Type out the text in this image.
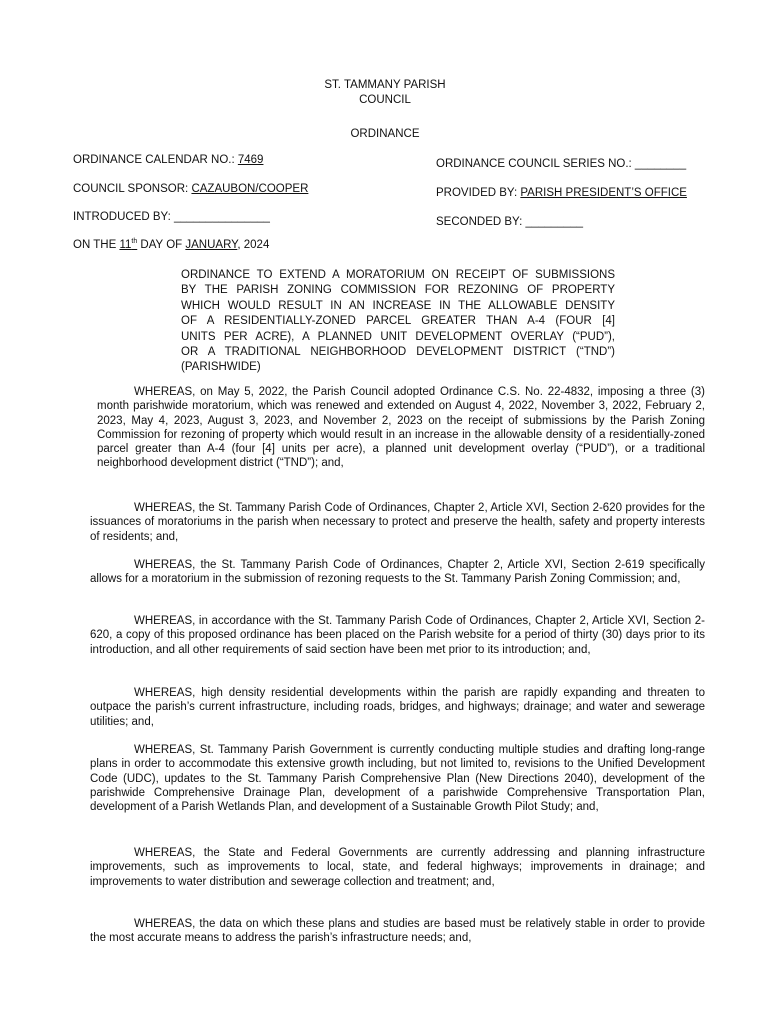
ST. TAMMANY PARISH
COUNCIL
ORDINANCE
ORDINANCE CALENDAR NO.: 7469	ORDINANCE COUNCIL SERIES NO.: ________
COUNCIL SPONSOR: CAZAUBON/COOPER	PROVIDED BY: PARISH PRESIDENT’S OFFICE
INTRODUCED BY: _______________	SECONDED BY: _________
ON THE 11th DAY OF JANUARY, 2024
ORDINANCE TO EXTEND A MORATORIUM ON RECEIPT OF SUBMISSIONS
BY THE PARISH ZONING COMMISSION FOR REZONING OF PROPERTY
WHICH WOULD RESULT IN AN INCREASE IN THE ALLOWABLE DENSITY
OF A RESIDENTIALLY-ZONED PARCEL GREATER THAN A-4 (FOUR [4]
UNITS PER ACRE), A PLANNED UNIT DEVELOPMENT OVERLAY (“PUD”),
OR A TRADITIONAL NEIGHBORHOOD DEVELOPMENT DISTRICT (“TND”)
(PARISHWIDE)
WHEREAS, on May 5, 2022, the Parish Council adopted Ordinance C.S. No. 22-4832, imposing a three (3) month parishwide moratorium, which was renewed and extended on August 4, 2022, November 3, 2022, February 2, 2023, May 4, 2023, August 3, 2023, and November 2, 2023 on the receipt of submissions by the Parish Zoning Commission for rezoning of property which would result in an increase in the allowable density of a residentially-zoned parcel greater than A-4 (four [4] units per acre), a planned unit development overlay (“PUD”), or a traditional neighborhood development district (“TND”); and,
WHEREAS, the St. Tammany Parish Code of Ordinances, Chapter 2, Article XVI, Section 2-620 provides for the issuances of moratoriums in the parish when necessary to protect and preserve the health, safety and property interests of residents; and,
WHEREAS, the St. Tammany Parish Code of Ordinances, Chapter 2, Article XVI, Section 2-619 specifically allows for a moratorium in the submission of rezoning requests to the St. Tammany Parish Zoning Commission; and,
WHEREAS, in accordance with the St. Tammany Parish Code of Ordinances, Chapter 2, Article XVI, Section 2-620, a copy of this proposed ordinance has been placed on the Parish website for a period of thirty (30) days prior to its introduction, and all other requirements of said section have been met prior to its introduction; and,
WHEREAS, high density residential developments within the parish are rapidly expanding and threaten to outpace the parish’s current infrastructure, including roads, bridges, and highways; drainage; and water and sewerage utilities; and,
WHEREAS, St. Tammany Parish Government is currently conducting multiple studies and drafting long-range plans in order to accommodate this extensive growth including, but not limited to, revisions to the Unified Development Code (UDC), updates to the St. Tammany Parish Comprehensive Plan (New Directions 2040), development of the parishwide Comprehensive Drainage Plan, development of a parishwide Comprehensive Transportation Plan, development of a Parish Wetlands Plan, and development of a Sustainable Growth Pilot Study; and,
WHEREAS, the State and Federal Governments are currently addressing and planning infrastructure improvements, such as improvements to local, state, and federal highways; improvements in drainage; and improvements to water distribution and sewerage collection and treatment; and,
WHEREAS, the data on which these plans and studies are based must be relatively stable in order to provide the most accurate means to address the parish’s infrastructure needs; and,
